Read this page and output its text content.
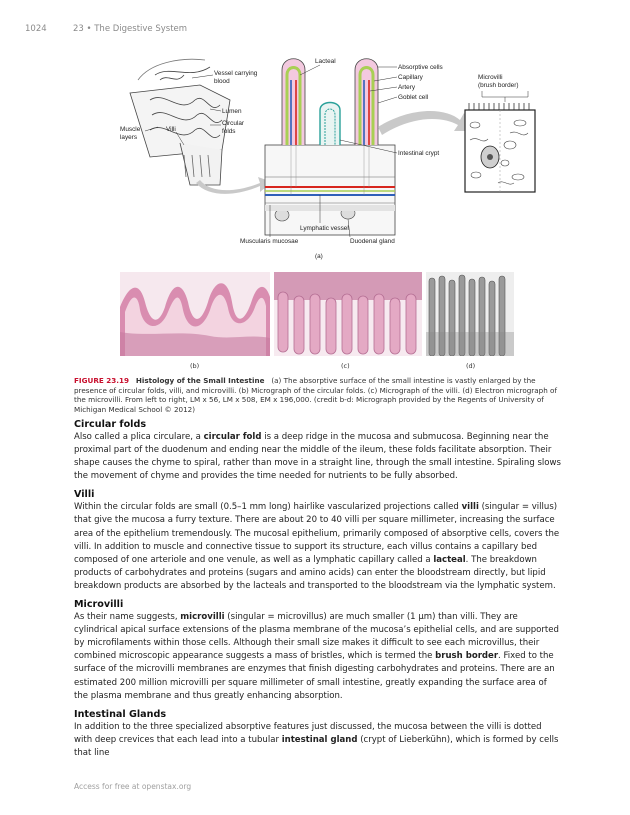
1024	23 • The Digestive System
Vessel carrying
blood
Lumen
Circular
folds
Muscle
layers
Villi
Lacteal
Absorptive cells
Capillary
Artery
Goblet cell
Intestinal crypt
Lymphatic vessel
Muscularis mucosae	Duodenal gland
(a)
Microvilli
(brush border)
(b)	(c)	(d)
FIGURE 23.19 Histology of the Small Intestine (a) The absorptive surface of the small intestine is vastly enlarged by the presence of circular folds, villi, and microvilli. (b) Micrograph of the circular folds. (c) Micrograph of the villi. (d) Electron micrograph of the microvilli. From left to right, LM x 56, LM x 508, EM x 196,000. (credit b-d: Micrograph provided by the Regents of University of Michigan Medical School © 2012)
Circular folds

Also called a plica circulare, a circular fold is a deep ridge in the mucosa and submucosa. Beginning near the proximal part of the duodenum and ending near the middle of the ileum, these folds facilitate absorption. Their shape causes the chyme to spiral, rather than move in a straight line, through the small intestine. Spiraling slows the movement of chyme and provides the time needed for nutrients to be fully absorbed.

Villi

Within the circular folds are small (0.5–1 mm long) hairlike vascularized projections called villi (singular = villus) that give the mucosa a furry texture. There are about 20 to 40 villi per square millimeter, increasing the surface area of the epithelium tremendously. The mucosal epithelium, primarily composed of absorptive cells, covers the villi. In addition to muscle and connective tissue to support its structure, each villus contains a capillary bed composed of one arteriole and one venule, as well as a lymphatic capillary called a lacteal. The breakdown products of carbohydrates and proteins (sugars and amino acids) can enter the bloodstream directly, but lipid breakdown products are absorbed by the lacteals and transported to the bloodstream via the lymphatic system.

Microvilli

As their name suggests, microvilli (singular = microvillus) are much smaller (1 µm) than villi. They are cylindrical apical surface extensions of the plasma membrane of the mucosa’s epithelial cells, and are supported by microfilaments within those cells. Although their small size makes it difficult to see each microvillus, their combined microscopic appearance suggests a mass of bristles, which is termed the brush border. Fixed to the surface of the microvilli membranes are enzymes that finish digesting carbohydrates and proteins. There are an estimated 200 million microvilli per square millimeter of small intestine, greatly expanding the surface area of the plasma membrane and thus greatly enhancing absorption.

Intestinal Glands

In addition to the three specialized absorptive features just discussed, the mucosa between the villi is dotted with deep crevices that each lead into a tubular intestinal gland (crypt of Lieberkühn), which is formed by cells that line

Access for free at openstax.org
